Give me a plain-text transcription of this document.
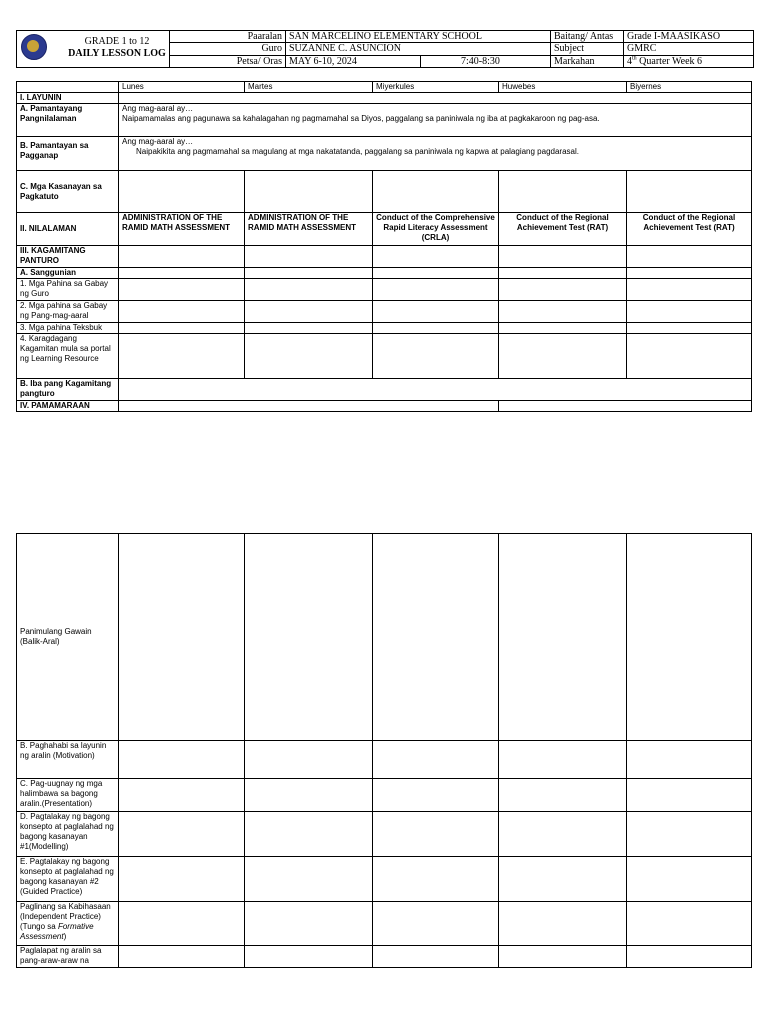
GRADE 1 to 12
DAILY LESSON LOG	Paaralan	SAN MARCELINO ELEMENTARY SCHOOL		Baitang/ Antas	Grade I-MAASIKASO
	Guro	SUZANNE C. ASUNCION		Subject	GMRC
	Petsa/ Oras	MAY 6-10, 2024	7:40-8:30	Markahan	4th Quarter Week 6
	Lunes	Martes	Miyerkules	Huwebes	Biyernes
I. LAYUNIN					
A. Pamantayang Pangnilalaman	Ang mag-aaral ay…
Naipamamalas ang pagunawa sa kahalagahan ng pagmamahal sa Diyos, paggalang sa paniniwala ng iba at pagkakaroon ng pag-asa.				

B. Pamantayan sa Pagganap	Ang mag-aaral ay…
Naipakikita ang pagmamahal sa magulang at mga nakatatanda, paggalang sa paniniwala ng kapwa at palagiang pagdarasal.				

C. Mga Kasanayan sa Pagkatuto					
II. NILALAMAN	ADMINISTRATION OF THE RAMID MATH ASSESSMENT	ADMINISTRATION OF THE RAMID MATH ASSESSMENT	Conduct of the Comprehensive Rapid Literacy Assessment (CRLA)	Conduct of the Regional Achievement Test (RAT)	Conduct of the Regional Achievement Test (RAT)
III. KAGAMITANG PANTURO					
A. Sanggunian					
1. Mga Pahina sa Gabay ng Guro					
2. Mga pahina sa Gabay ng Pang-mag-aaral					
3. Mga pahina Teksbuk					
4. Karagdagang Kagamitan mula sa portal ng Learning Resource					
B. Iba pang Kagamitang pangturo					
IV. PAMAMARAAN					
Panimulang Gawain (Balik-Aral)					
B. Paghahabi sa layunin ng aralin (Motivation)					
C. Pag-uugnay ng mga halimbawa sa bagong aralin.(Presentation)					
D. Pagtalakay ng bagong konsepto at paglalahad ng bagong kasanayan #1(Modelling)					
E. Pagtalakay ng bagong konsepto at paglalahad ng bagong kasanayan #2 (Guided Practice)					
Paglinang sa Kabihasaan (Independent Practice) (Tungo sa Formative Assessment)					
Paglalapat ng aralin sa pang-araw-araw na					
